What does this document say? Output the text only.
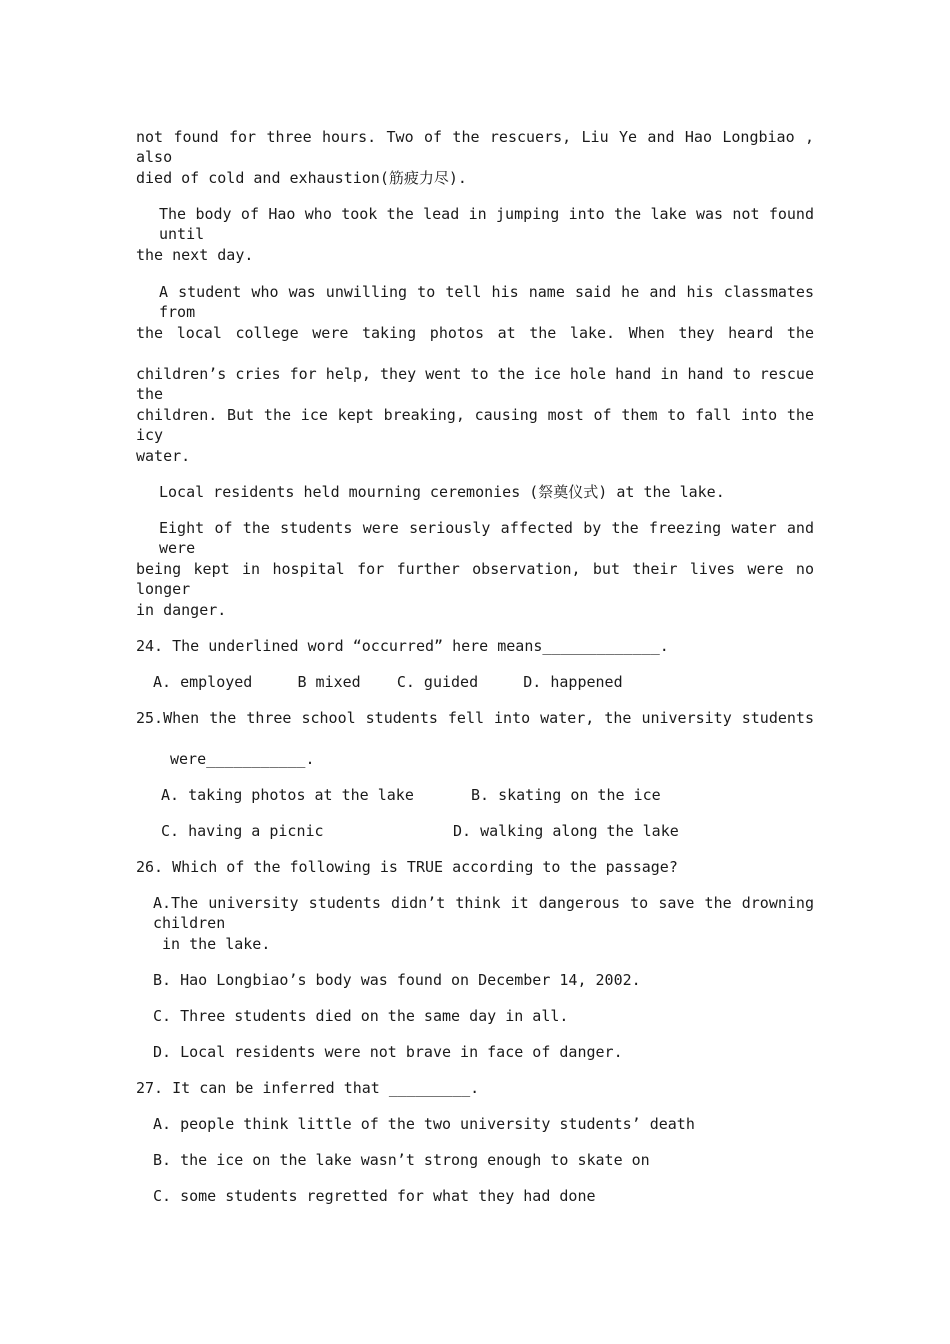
not found for three hours. Two of the rescuers, Liu Ye and Hao Longbiao , also
died of cold and exhaustion(筋疲力尽).
The body of Hao who took the lead in jumping into the lake was not found until
the next day.
A student who was unwilling to tell his name said he and his classmates from
the local college were taking photos at the lake. When they heard the
children’s cries for help, they went to the ice hole hand in hand to rescue the
children. But the ice kept breaking, causing most of them to fall into the icy
water.
Local residents held mourning ceremonies (祭奠仪式) at the lake.
Eight of the students were seriously affected by the freezing water and were
being kept in hospital for further observation, but their lives were no longer
in danger.
24. The underlined word “occurred” here means_____________.
A. employed     B mixed    C. guided     D. happened
25.When the three school students fell into water, the university students
were___________.
A. taking photos at the lake	B. skating on the ice
C. having a picnic	D. walking along the lake
26. Which of the following is TRUE according to the passage?
A.The university students didn’t think it dangerous to save the drowning children
in the lake.
B. Hao Longbiao’s body was found on December 14, 2002.
C. Three students died on the same day in all.
D. Local residents were not brave in face of danger.
27. It can be inferred that _________.
A. people think little of the two university students’ death
B. the ice on the lake wasn’t strong enough to skate on
C. some students regretted for what they had done
